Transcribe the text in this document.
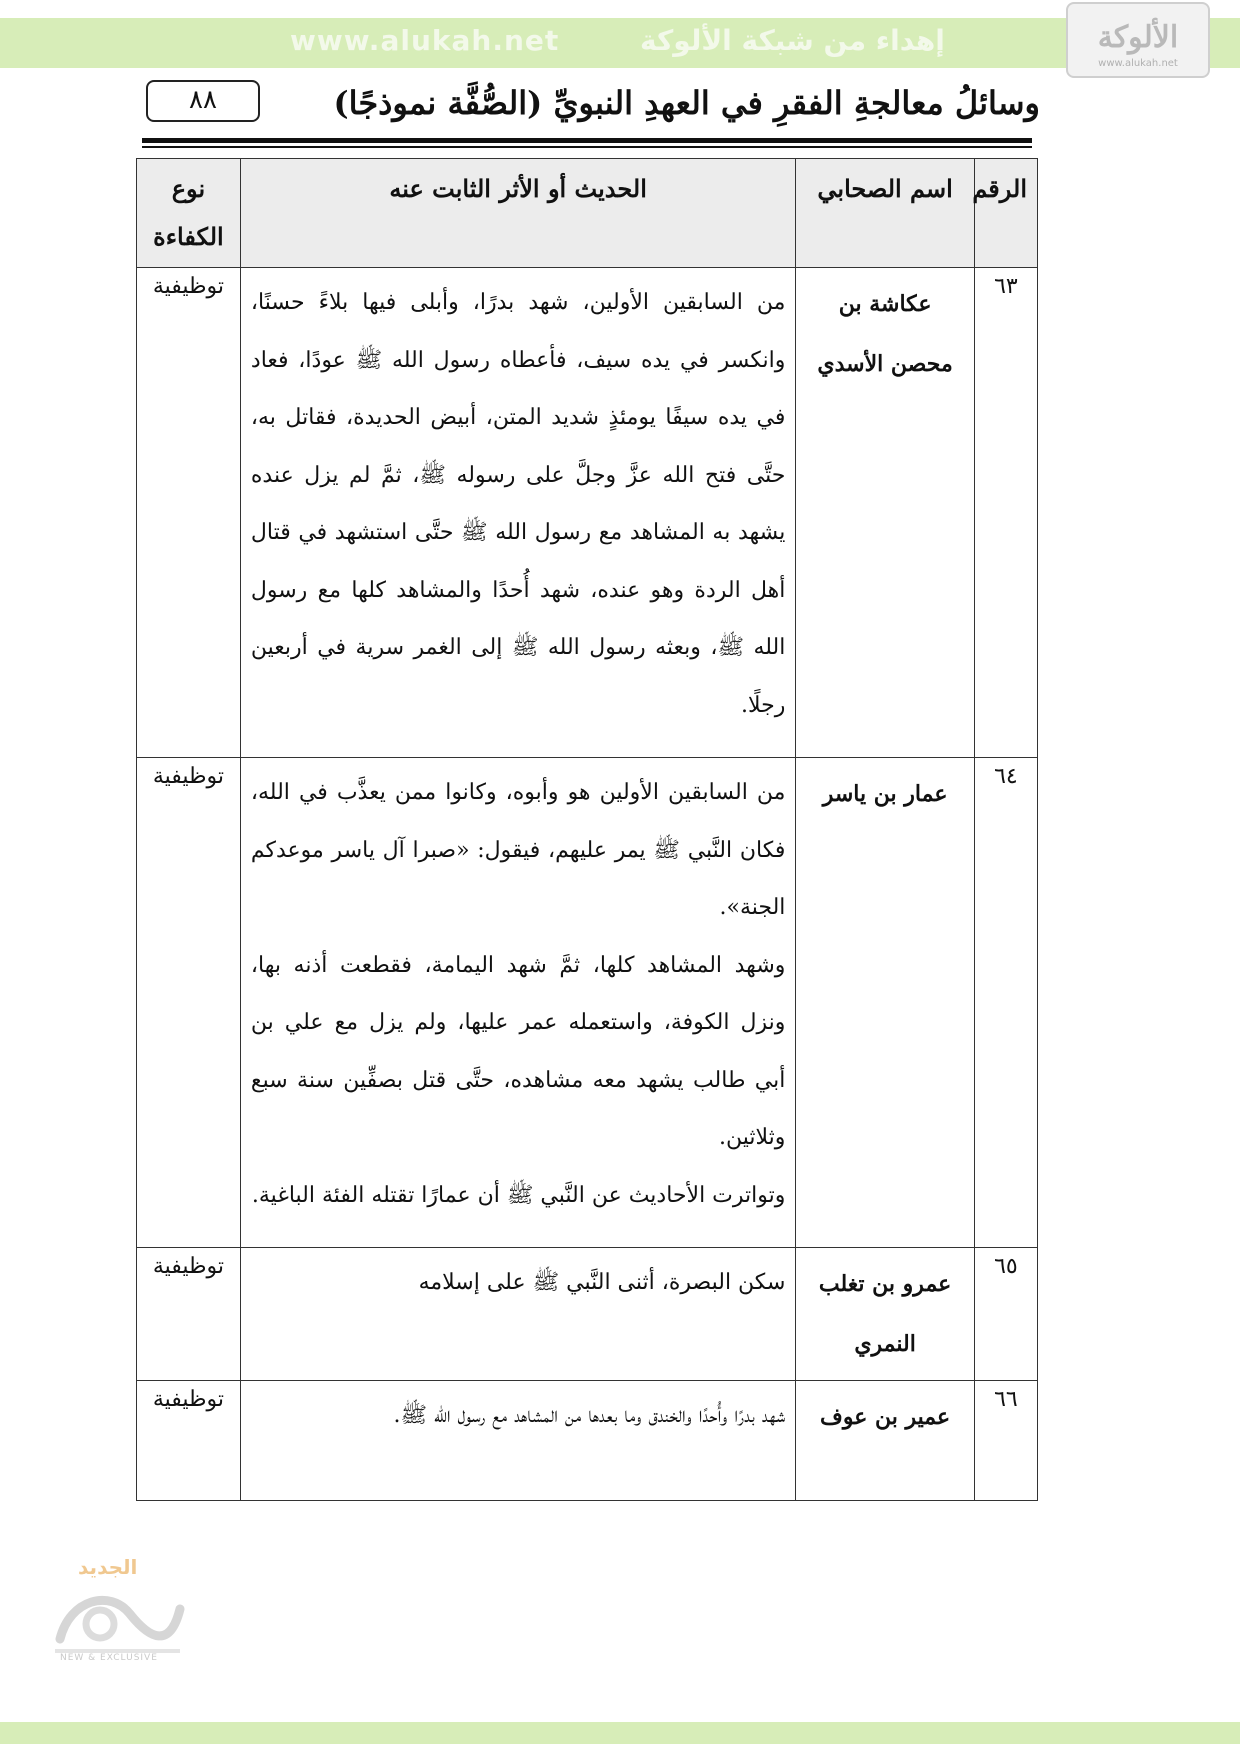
www.alukah.net	إهداء من شبكة الألوكة	الألوكة
www.alukah.net
٨٨	وسائلُ معالجةِ الفقرِ في العهدِ النبويِّ (الصُّفَّة نموذجًا)
الرقم	اسم الصحابي	الحديث أو الأثر الثابت عنه	نوع الكفاءة
٦٣	عكاشة بن محصن الأسدي	من السابقين الأولين، شهد بدرًا، وأبلى فيها بلاءً حسنًا، وانكسر في يده سيف، فأعطاه رسول الله ﷺ عودًا، فعاد في يده سيفًا يومئذٍ شديد المتن، أبيض الحديدة، فقاتل به، حتَّى فتح الله عزَّ وجلَّ على رسوله ﷺ، ثمَّ لم يزل عنده يشهد به المشاهد مع رسول الله ﷺ حتَّى استشهد في قتال أهل الردة وهو عنده، شهد أُحدًا والمشاهد كلها مع رسول الله ﷺ، وبعثه رسول الله ﷺ إلى الغمر سرية في أربعين رجلًا.	توظيفية
٦٤	عمار بن ياسر	من السابقين الأولين هو وأبوه، وكانوا ممن يعذَّب في الله، فكان النَّبي ﷺ يمر عليهم، فيقول: «صبرا آل ياسر موعدكم الجنة».

وشهد المشاهد كلها، ثمَّ شهد اليمامة، فقطعت أذنه بها، ونزل الكوفة، واستعمله عمر عليها، ولم يزل مع علي بن أبي طالب يشهد معه مشاهده، حتَّى قتل بصفِّين سنة سبع وثلاثين.

وتواترت الأحاديث عن النَّبي ﷺ أن عمارًا تقتله الفئة الباغية.	توظيفية
٦٥	عمرو بن تغلب النمري	سكن البصرة، أثنى النَّبي ﷺ على إسلامه	توظيفية
٦٦	عمير بن عوف	شهد بدرًا وأُحدًا والخندق وما بعدها من المشاهد مع رسول الله ﷺ.	توظيفية
الجديد
NEW & EXCLUSIVE
